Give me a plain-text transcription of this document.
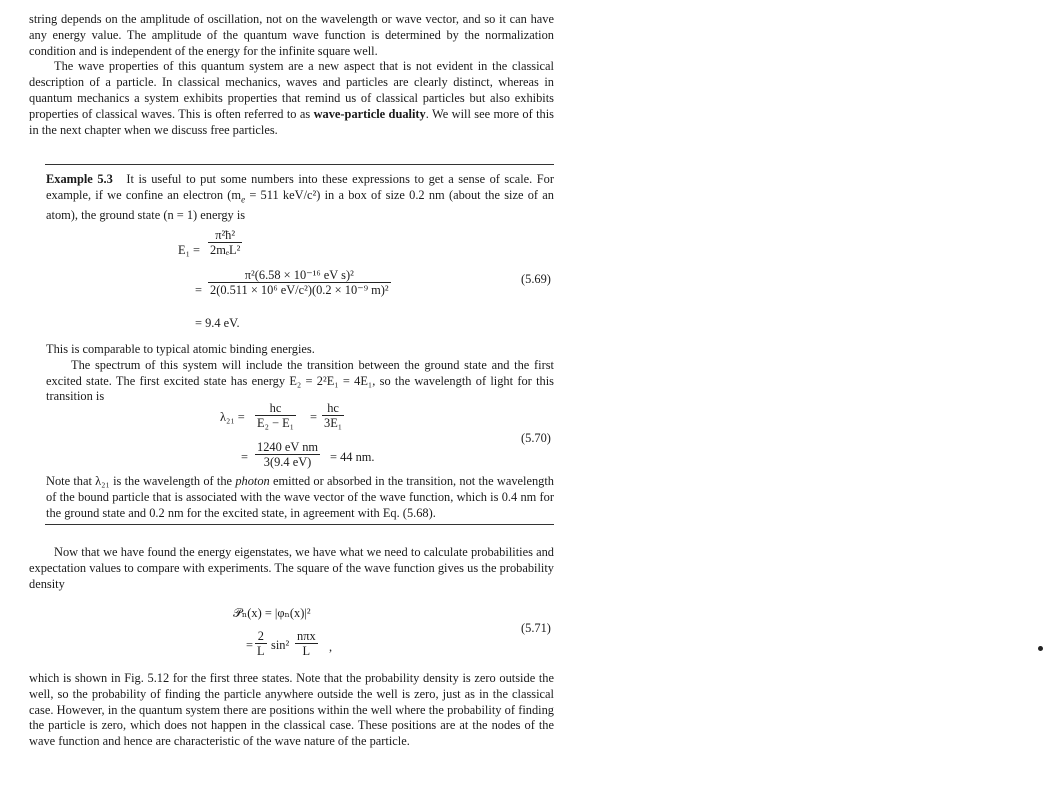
string depends on the amplitude of oscillation, not on the wavelength or wave vector, and so it can have any energy value. The amplitude of the quantum wave function is determined by the normalization condition and is independent of the energy for the infinite square well.

The wave properties of this quantum system are a new aspect that is not evident in the classical description of a particle. In classical mechanics, waves and particles are clearly distinct, whereas in quantum mechanics a system exhibits properties that remind us of classical particles but also exhibits properties of classical waves. This is often referred to as wave-particle duality. We will see more of this in the next chapter when we discuss free particles.

Example 5.3 It is useful to put some numbers into these expressions to get a sense of scale. For example, if we confine an electron ($m_e = 511$ keV/c²) in a box of size 0.2 nm (about the size of an atom), the ground state (n = 1) energy is

$E_1 = \frac{\text{π²ħ²}}{\text{2mₑL²}}$
= $\frac{\text{π²(6.58 × 10⁻¹⁶ eV s)²}}{\text{2(0.511 × 10⁶ eV/c²)(0.2 × 10⁻⁹ m)²}}$
= 9.4 eV.
(5.69)

This is comparable to typical atomic binding energies.

The spectrum of this system will include the transition between the ground state and the first excited state. The first excited state has energy E₂ = 2²E₁ = 4E₁, so the wavelength of light for this transition is

$\lambda_{21} = \frac{hc}{\text{E₂ − E₁}} = \frac{hc}{\text{3E₁}}$
= $\frac{\text{1240 eV nm}}{3(9.4 eV)} = 44$ nm.
(5.70)

Note that λ₂₁ is the wavelength of the photon emitted or absorbed in the transition, not the wavelength of the bound particle that is associated with the wave vector of the wave function, which is 0.4 nm for the ground state and 0.2 nm for the excited state, in agreement with Eq. (5.68).

Now that we have found the energy eigenstates, we have what we need to calculate probabilities and expectation values to compare with experiments. The square of the wave function gives us the probability density

𝒫ₙ(x) = |φₙ(x)|²
= $\frac{2}{L} \sin^2 \frac{\text{nπx}}{L}$ ,
(5.71)

which is shown in Fig. 5.12 for the first three states. Note that the probability density is zero outside the well, so the probability of finding the particle anywhere outside the well is zero, just as in the classical case. However, in the quantum system there are positions within the well where the probability of finding the particle is zero, which does not happen in the classical case. These positions are at the nodes of the wave function and hence are characteristic of the wave nature of the particle.
